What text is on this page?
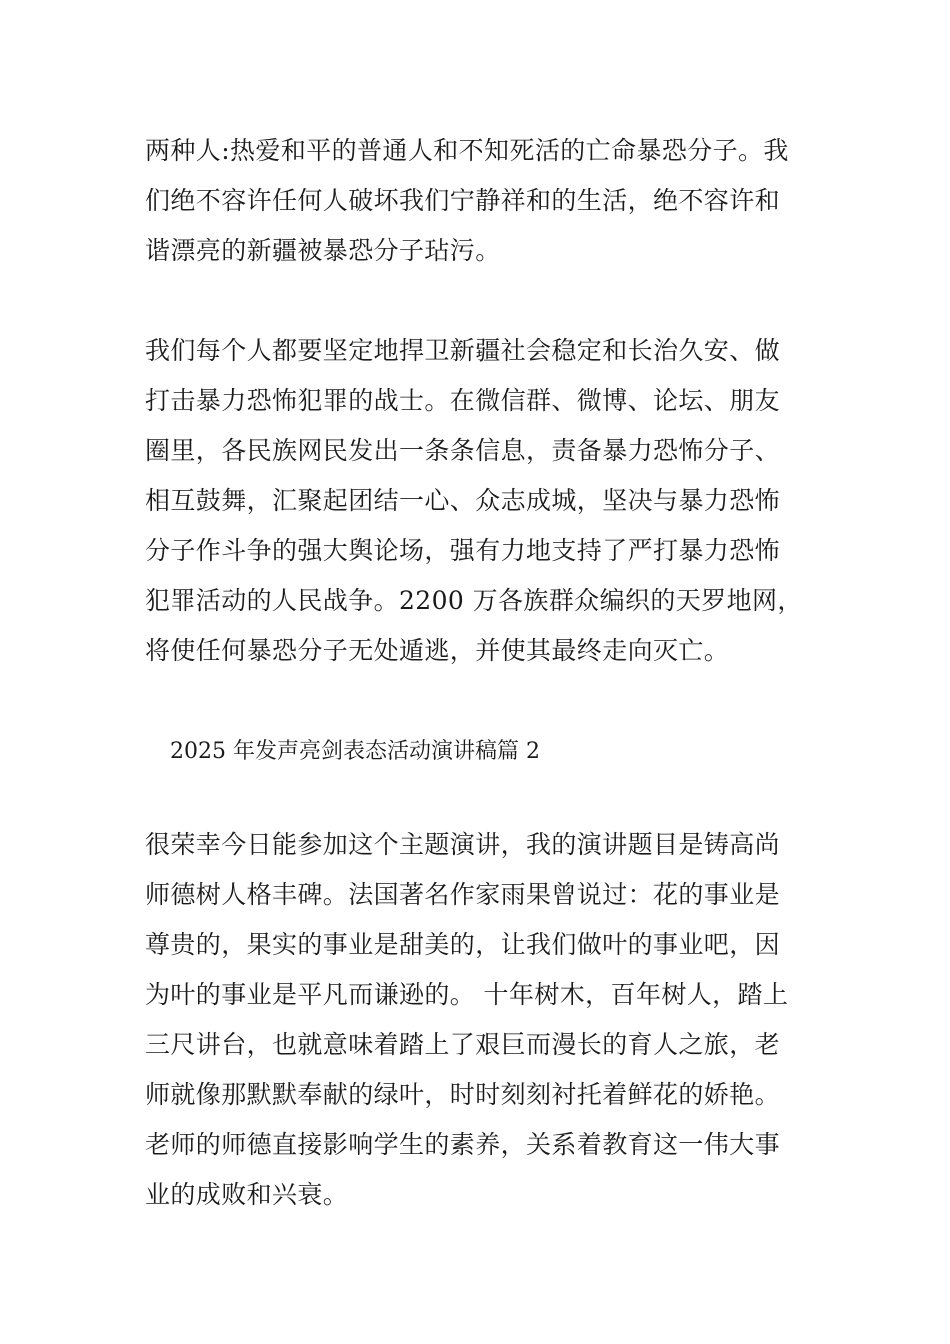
两种人:热爱和平的普通人和不知死活的亡命暴恐分子。我
们绝不容许任何人破坏我们宁静祥和的生活，绝不容许和
谐漂亮的新疆被暴恐分子玷污。
我们每个人都要坚定地捍卫新疆社会稳定和长治久安、做
打击暴力恐怖犯罪的战士。在微信群、微博、论坛、朋友
圈里，各民族网民发出一条条信息，责备暴力恐怖分子、
相互鼓舞，汇聚起团结一心、众志成城，坚决与暴力恐怖
分子作斗争的强大舆论场，强有力地支持了严打暴力恐怖
犯罪活动的人民战争。2200 万各族群众编织的天罗地网，
将使任何暴恐分子无处遁逃，并使其最终走向灭亡。
2025 年发声亮剑表态活动演讲稿篇 2
很荣幸今日能参加这个主题演讲，我的演讲题目是铸高尚
师德树人格丰碑。法国著名作家雨果曾说过：花的事业是
尊贵的，果实的事业是甜美的，让我们做叶的事业吧，因
为叶的事业是平凡而谦逊的。 十年树木，百年树人，踏上
三尺讲台，也就意味着踏上了艰巨而漫长的育人之旅，老
师就像那默默奉献的绿叶，时时刻刻衬托着鲜花的娇艳。
老师的师德直接影响学生的素养，关系着教育这一伟大事
业的成败和兴衰。
